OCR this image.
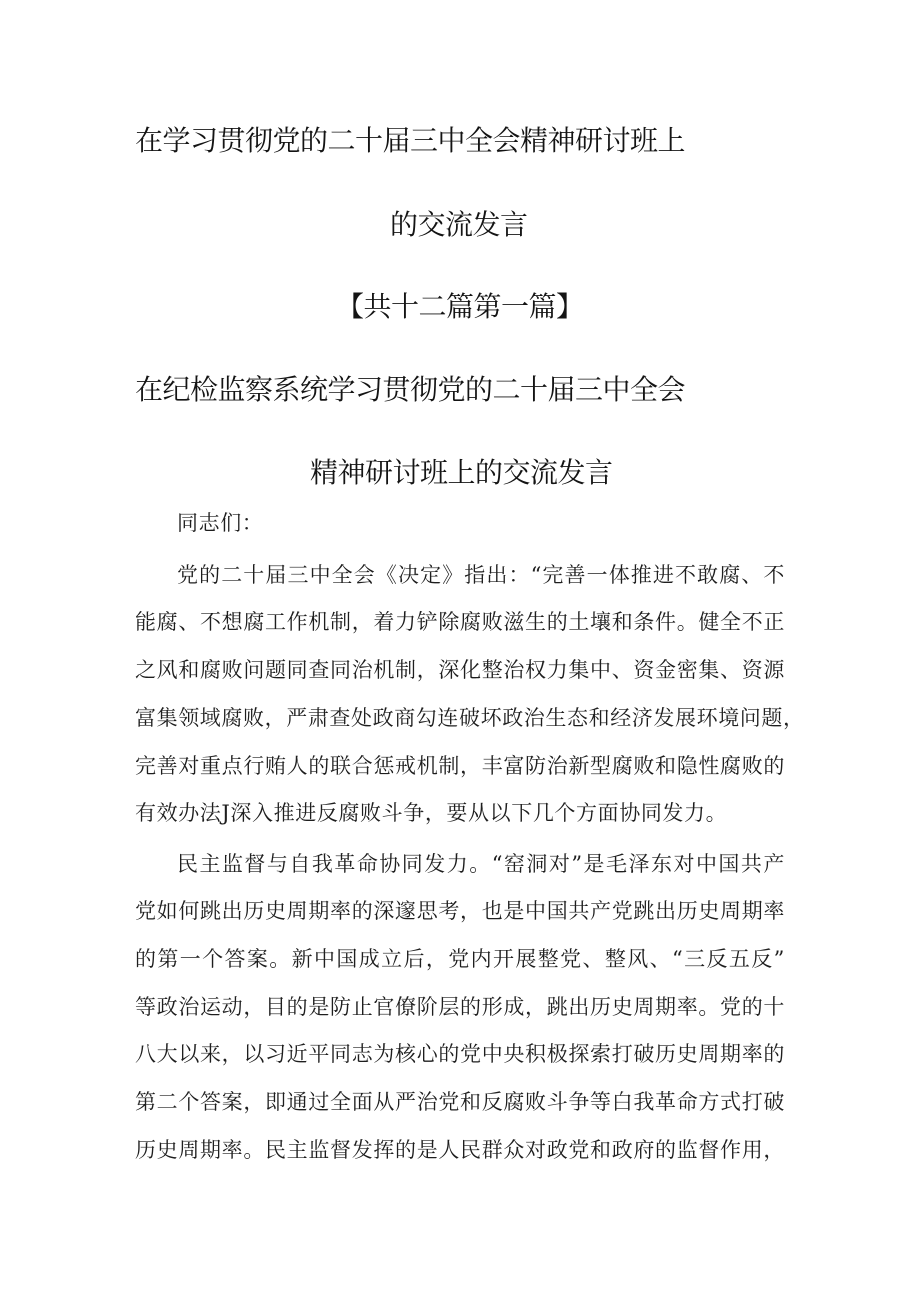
在学习贯彻党的二十届三中全会精神研讨班上
的交流发言
【共十二篇第一篇】
在纪检监察系统学习贯彻党的二十届三中全会
精神研讨班上的交流发言
同志们：
党的二十届三中全会《决定》指出：“完善一体推进不敢腐、不
能腐、不想腐工作机制，着力铲除腐败滋生的土壤和条件。健全不正
之风和腐败问题同查同治机制，深化整治权力集中、资金密集、资源
富集领域腐败，严肃查处政商勾连破坏政治生态和经济发展环境问题，
完善对重点行贿人的联合惩戒机制，丰富防治新型腐败和隐性腐败的
有效办法J深入推进反腐败斗争，要从以下几个方面协同发力。
民主监督与自我革命协同发力。“窑洞对”是毛泽东对中国共产
党如何跳出历史周期率的深邃思考，也是中国共产党跳出历史周期率
的第一个答案。新中国成立后，党内开展整党、整风、“三反五反”
等政治运动，目的是防止官僚阶层的形成，跳出历史周期率。党的十
八大以来，以习近平同志为核心的党中央积极探索打破历史周期率的
第二个答案，即通过全面从严治党和反腐败斗争等白我革命方式打破
历史周期率。民主监督发挥的是人民群众对政党和政府的监督作用，
